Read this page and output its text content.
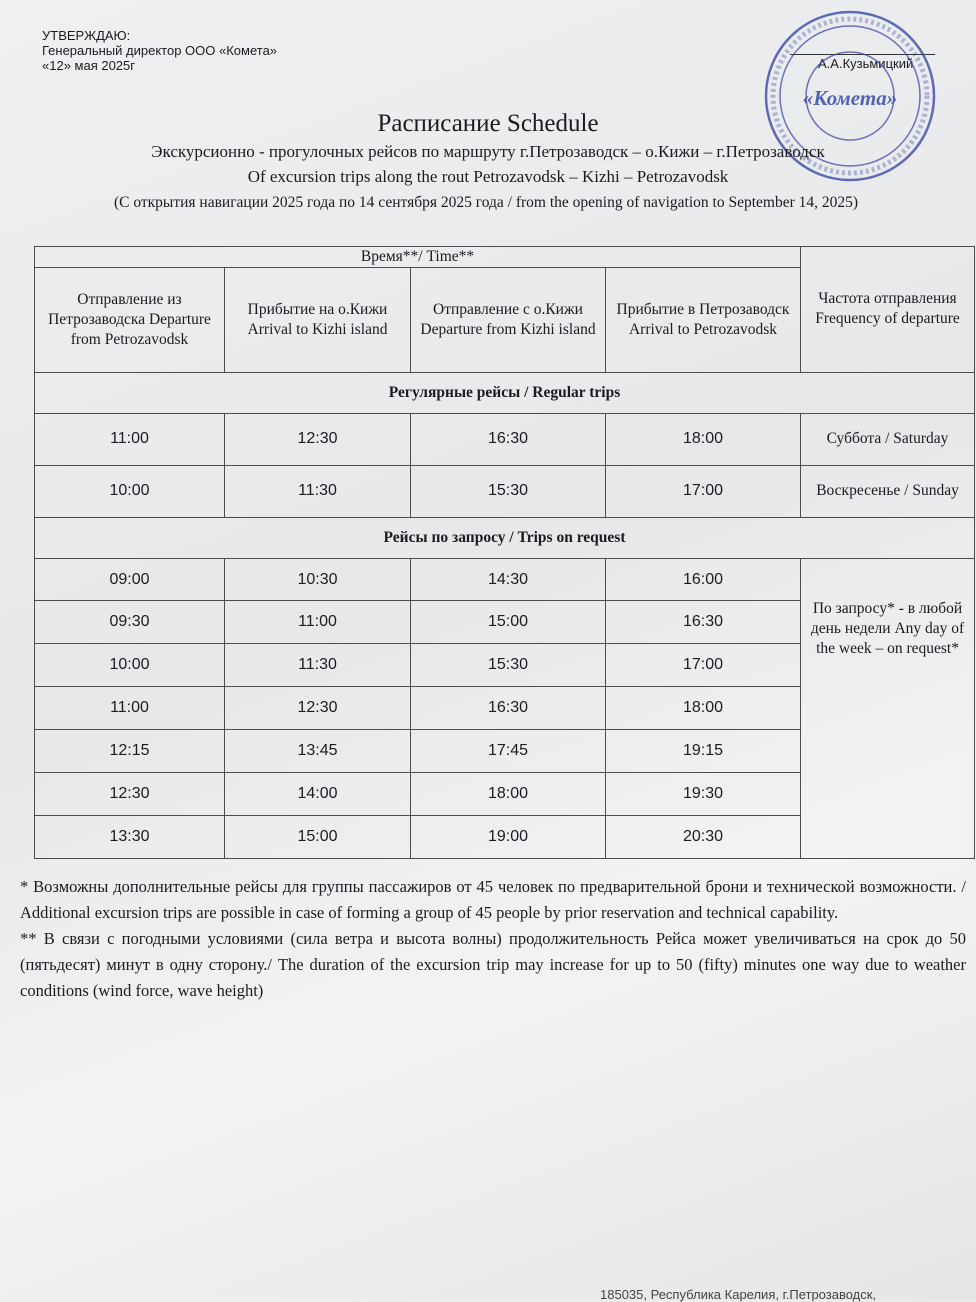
УТВЕРЖДАЮ:
Генеральный директор ООО «Комета»
«12» мая 2025г	А.А.Кузьмицкий
«Комета»
Расписание Schedule
Экскурсионно - прогулочных рейсов по маршруту г.Петрозаводск – о.Кижи – г.Петрозаводск
Of excursion trips along the rout Petrozavodsk – Kizhi – Petrozavodsk
(С открытия навигации 2025 года по 14 сентября 2025 года / from the opening of navigation to September 14, 2025)
Время**/ Time**				Частота отправления Frequency of departure
Отправление из Петрозаводска Departure from Petrozavodsk	Прибытие на о.Кижи Arrival to Kizhi island	Отправление с о.Кижи Departure from Kizhi island	Прибытие в Петрозаводск Arrival to Petrozavodsk	
Регулярные рейсы / Regular trips				
11:00	12:30	16:30	18:00	Суббота / Saturday
10:00	11:30	15:30	17:00	Воскресенье / Sunday
Рейсы по запросу / Trips on request				
09:00	10:30	14:30	16:00	По запросу* - в любой день недели Any day of the week – on request*
09:30	11:00	15:00	16:30	
10:00	11:30	15:30	17:00	
11:00	12:30	16:30	18:00	
12:15	13:45	17:45	19:15	
12:30	14:00	18:00	19:30	
13:30	15:00	19:00	20:30	

* Возможны дополнительные рейсы для группы пассажиров от 45 человек по предварительной брони и технической возможности. / Additional excursion trips are possible in case of forming a group of 45 people by prior reservation and technical capability.

** В связи с погодными условиями (сила ветра и высота волны) продолжительность Рейса может увеличиваться на срок до 50 (пятьдесят) минут в одну сторону./ The duration of the excursion trip may increase for up to 50 (fifty) minutes one way due to weather conditions (wind force, wave height)

185035, Республика Карелия, г.Петрозаводск,
